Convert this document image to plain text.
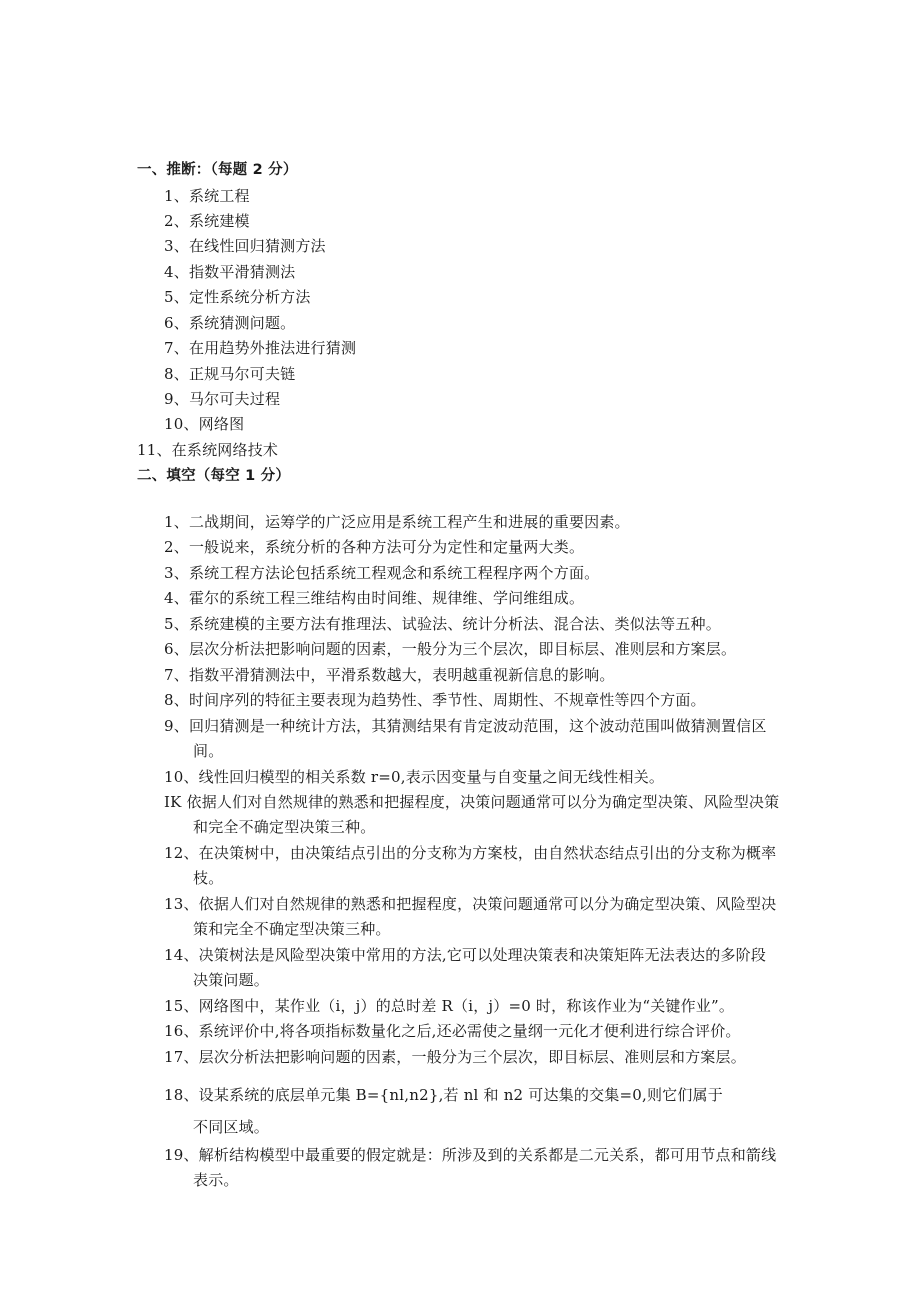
一、推断：（每题 2 分）
1、系统工程
2、系统建模
3、在线性回归猜测方法
4、指数平滑猜测法
5、定性系统分析方法
6、系统猜测问题。
7、在用趋势外推法进行猜测
8、正规马尔可夫链
9、马尔可夫过程
10、网络图
11、在系统网络技术
二、填空（每空 1 分）
1、二战期间，运筹学的广泛应用是系统工程产生和进展的重要因素。
2、一般说来，系统分析的各种方法可分为定性和定量两大类。
3、系统工程方法论包括系统工程观念和系统工程程序两个方面。
4、霍尔的系统工程三维结构由时间维、规律维、学问维组成。
5、系统建模的主要方法有推理法、试验法、统计分析法、混合法、类似法等五种。
6、层次分析法把影响问题的因素，一般分为三个层次，即目标层、准则层和方案层。
7、指数平滑猜测法中，平滑系数越大，表明越重视新信息的影响。
8、时间序列的特征主要表现为趋势性、季节性、周期性、不规章性等四个方面。
9、回归猜测是一种统计方法，其猜测结果有肯定波动范围，这个波动范围叫做猜测置信区
间。
10、线性回归模型的相关系数 r=0,表示因变量与自变量之间无线性相关。
IK 依据人们对自然规律的熟悉和把握程度，决策问题通常可以分为确定型决策、风险型决策
和完全不确定型决策三种。
12、在决策树中，由决策结点引出的分支称为方案枝，由自然状态结点引出的分支称为概率
枝。
13、依据人们对自然规律的熟悉和把握程度，决策问题通常可以分为确定型决策、风险型决
策和完全不确定型决策三种。
14、决策树法是风险型决策中常用的方法,它可以处理决策表和决策矩阵无法表达的多阶段
决策问题。
15、网络图中，某作业（i，j）的总时差 R（i，j）=0 时，称该作业为“关键作业”。
16、系统评价中,将各项指标数量化之后,还必需使之量纲一元化才便利进行综合评价。
17、层次分析法把影响问题的因素，一般分为三个层次，即目标层、准则层和方案层。
18、设某系统的底层单元集 B={nl,n2},若 nl 和 n2 可达集的交集=0,则它们属于
不同区域。
19、解析结构模型中最重要的假定就是：所涉及到的关系都是二元关系，都可用节点和箭线
表示。
